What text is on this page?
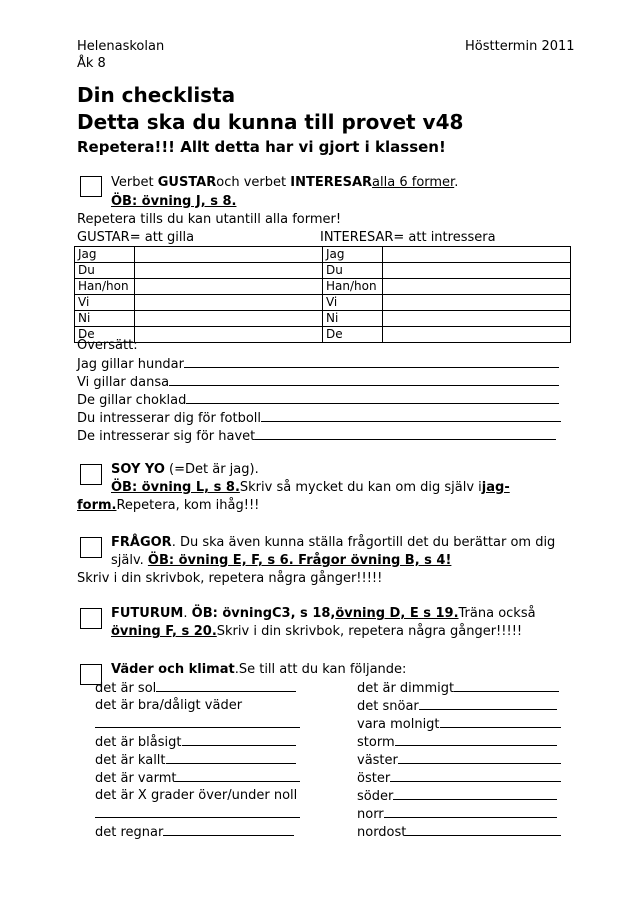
Helenaskolan
Åk 8
Hösttermin 2011
Din checklista
Detta ska du kunna till provet v48
Repetera!!! Allt detta har vi gjort i klassen!
Verbet GUSTARoch verbet INTERESARalla 6 former.
ÖB: övning J, s 8.
Repetera tills du kan utantill alla former!
GUSTAR= att gilla	INTERESAR= att intressera
Jag		Jag	
Du		Du	
Han/hon		Han/hon	
Vi		Vi	
Ni		Ni	
De		De	
Översätt:
Jag gillar hundar
Vi gillar dansa
De gillar choklad
Du intresserar dig för fotboll
De intresserar sig för havet
SOY YO (=Det är jag).
ÖB: övning L, s 8.Skriv så mycket du kan om dig själv ijag-
form.Repetera, kom ihåg!!!
FRÅGOR. Du ska även kunna ställa frågortill det du berättar om dig
själv. ÖB: övning E, F, s 6. Frågor övning B, s 4!
Skriv i din skrivbok, repetera några gånger!!!!!
FUTURUM. ÖB: övningC3, s 18,övning D, E s 19.Träna också
övning F, s 20.Skriv i din skrivbok, repetera några gånger!!!!!
Väder och klimat.Se till att du kan följande:
det är sol	det är dimmigt
det är bra/dåligt väder	det snöar
vara molnigt
det är blåsigt	storm
det är kallt	väster
det är varmt	öster
det är X grader över/under noll	söder
norr
det regnar	nordost
